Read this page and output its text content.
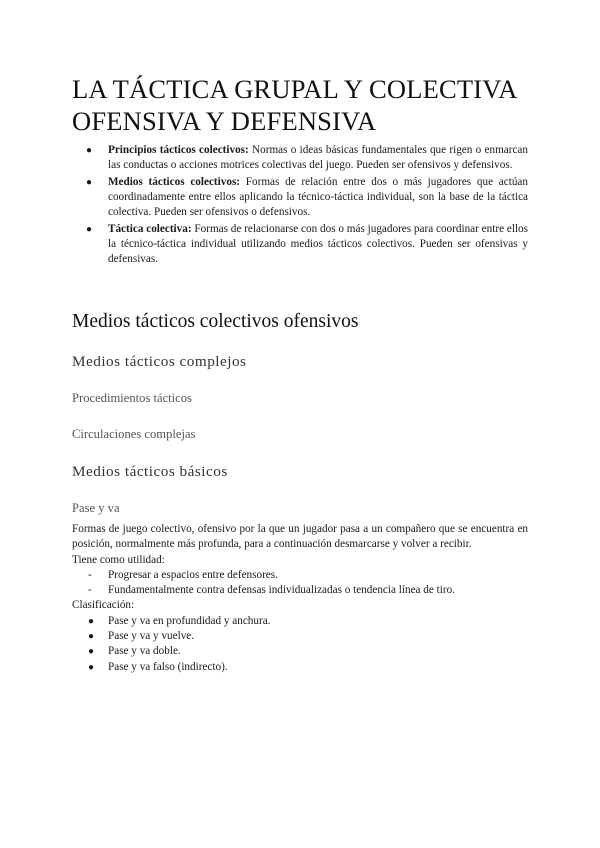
LA TÁCTICA GRUPAL Y COLECTIVA OFENSIVA Y DEFENSIVA
● Principios tácticos colectivos: Normas o ideas básicas fundamentales que rigen o enmarcan las conductas o acciones motrices colectivas del juego. Pueden ser ofensivos y defensivos.
● Medios tácticos colectivos: Formas de relación entre dos o más jugadores que actúan coordinadamente entre ellos aplicando la técnico-táctica individual, son la base de la táctica colectiva. Pueden ser ofensivos o defensivos.
● Táctica colectiva: Formas de relacionarse con dos o más jugadores para coordinar entre ellos la técnico-táctica individual utilizando medios tácticos colectivos. Pueden ser ofensivas y defensivas.
Medios tácticos colectivos ofensivos
Medios tácticos complejos
Procedimientos tácticos
Circulaciones complejas
Medios tácticos básicos
Pase y va

Formas de juego colectivo, ofensivo por la que un jugador pasa a un compañero que se encuentra en posición, normalmente más profunda, para a continuación desmarcarse y volver a recibir.

Tiene como utilidad:

- Progresar a espacios entre defensores.
- Fundamentalmente contra defensas individualizadas o tendencia línea de tiro.

Clasificación:

● Pase y va en profundidad y anchura.
● Pase y va y vuelve.
● Pase y va doble.
● Pase y va falso (indirecto).
